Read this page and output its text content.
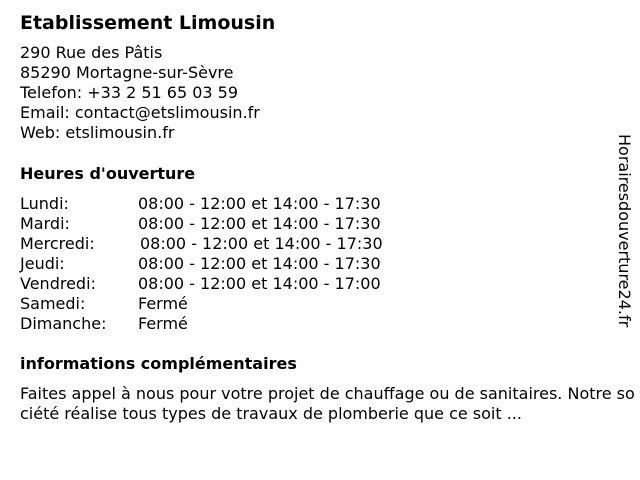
Etablissement Limousin
290 Rue des Pâtis
85290 Mortagne-sur-Sèvre
Telefon: +33 2 51 65 03 59
Email: contact@etslimousin.fr
Web: etslimousin.fr
Heures d'ouverture
Lundi:	08:00 - 12:00 et 14:00 - 17:30
Mardi:	08:00 - 12:00 et 14:00 - 17:30
Mercredi:	08:00 - 12:00 et 14:00 - 17:30
Jeudi:	08:00 - 12:00 et 14:00 - 17:30
Vendredi:	08:00 - 12:00 et 14:00 - 17:00
Samedi:	Fermé
Dimanche: Fermé
informations complémentaires

Faites appel à nous pour votre projet de chauffage ou de sanitaires. Notre société réalise tous types de travaux de plomberie que ce soit ...

Horairesdouverture24.fr
